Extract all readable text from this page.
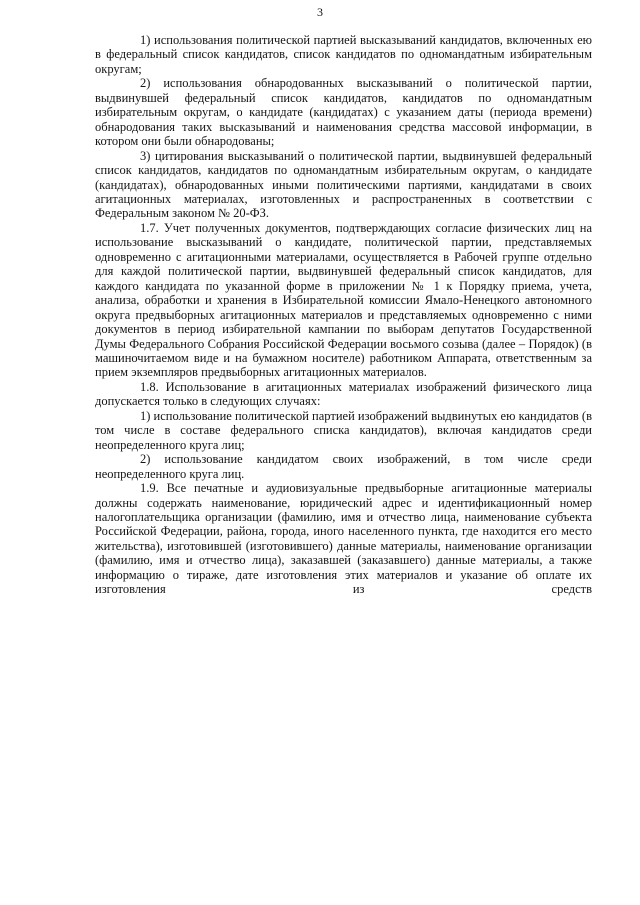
3

1) использования политической партией высказываний кандидатов, включенных ею в федеральный список кандидатов, список кандидатов по одномандатным избирательным округам;

2) использования обнародованных высказываний о политической партии, выдвинувшей федеральный список кандидатов, кандидатов по одномандатным избирательным округам, о кандидате (кандидатах) с указанием даты (периода времени) обнародования таких высказываний и наименования средства массовой информации, в котором они были обнародованы;

3) цитирования высказываний о политической партии, выдвинувшей федеральный список кандидатов, кандидатов по одномандатным избирательным округам, о кандидате (кандидатах), обнародованных иными политическими партиями, кандидатами в своих агитационных материалах, изготовленных и распространенных в соответствии с Федеральным законом № 20-ФЗ.

1.7. Учет полученных документов, подтверждающих согласие физических лиц на использование высказываний о кандидате, политической партии, представляемых одновременно с агитационными материалами, осуществляется в Рабочей группе отдельно для каждой политической партии, выдвинувшей федеральный список кандидатов, для каждого кандидата по указанной форме в приложении № 1 к Порядку приема, учета, анализа, обработки и хранения в Избирательной комиссии Ямало-Ненецкого автономного округа предвыборных агитационных материалов и представляемых одновременно с ними документов в период избирательной кампании по выборам депутатов Государственной Думы Федерального Собрания Российской Федерации восьмого созыва (далее – Порядок) (в машиночитаемом виде и на бумажном носителе) работником Аппарата, ответственным за прием экземпляров предвыборных агитационных материалов.

1.8. Использование в агитационных материалах изображений физического лица допускается только в следующих случаях:

1) использование политической партией изображений выдвинутых ею кандидатов (в том числе в составе федерального списка кандидатов), включая кандидатов среди неопределенного круга лиц;

2) использование кандидатом своих изображений, в том числе среди неопределенного круга лиц.

1.9. Все печатные и аудиовизуальные предвыборные агитационные материалы должны содержать наименование, юридический адрес и идентификационный номер налогоплательщика организации (фамилию, имя и отчество лица, наименование субъекта Российской Федерации, района, города, иного населенного пункта, где находится его место жительства), изготовившей (изготовившего) данные материалы, наименование организации (фамилию, имя и отчество лица), заказавшей (заказавшего) данные материалы, а также информацию о тираже, дате изготовления этих материалов и указание об оплате их изготовления из средств
